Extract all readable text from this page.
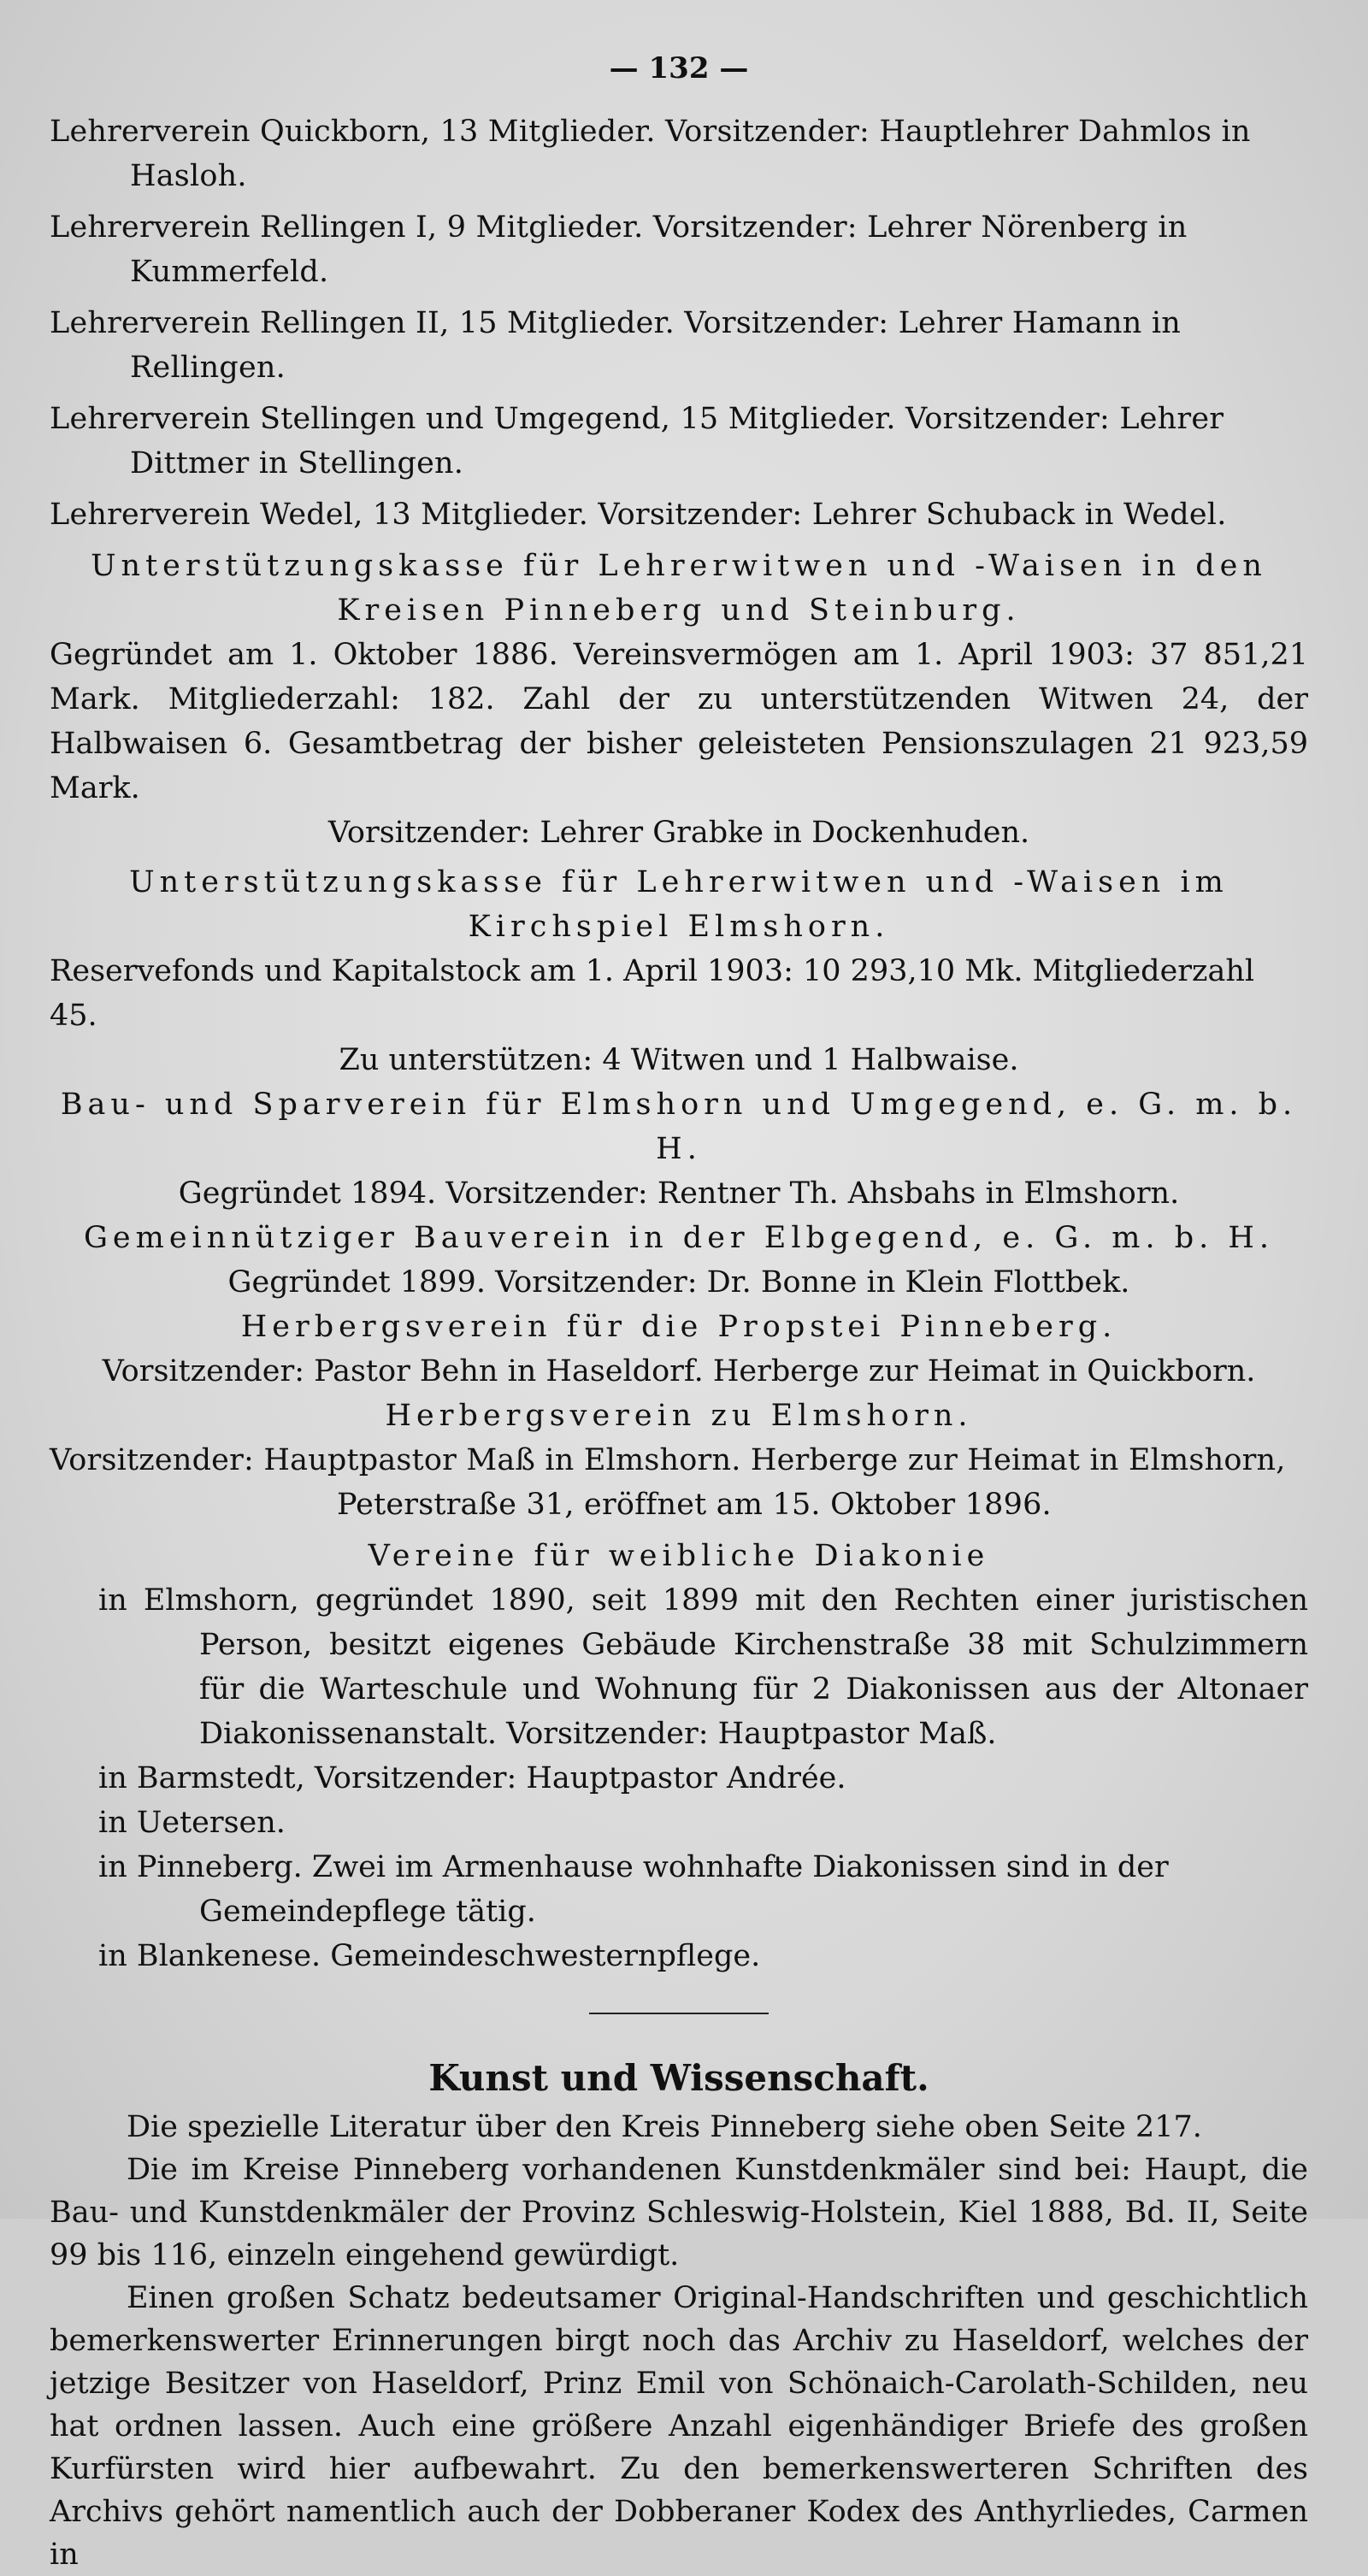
— 132 —

Lehrerverein Quickborn, 13 Mitglieder. Vorsitzender: Hauptlehrer Dahmlos in Hasloh.

Lehrerverein Rellingen I, 9 Mitglieder. Vorsitzender: Lehrer Nörenberg in Kummerfeld.

Lehrerverein Rellingen II, 15 Mitglieder. Vorsitzender: Lehrer Hamann in Rellingen.

Lehrerverein Stellingen und Umgegend, 15 Mitglieder. Vorsitzender: Lehrer Dittmer in Stellingen.

Lehrerverein Wedel, 13 Mitglieder. Vorsitzender: Lehrer Schuback in Wedel.

Unterstützungskasse für Lehrerwitwen und -Waisen in den Kreisen Pinneberg und Steinburg.

Gegründet am 1. Oktober 1886. Vereinsvermögen am 1. April 1903: 37 851,21 Mark. Mitgliederzahl: 182. Zahl der zu unterstützenden Witwen 24, der Halbwaisen 6. Gesamtbetrag der bisher geleisteten Pensionszulagen 21 923,59 Mark.

Vorsitzender: Lehrer Grabke in Dockenhuden.

Unterstützungskasse für Lehrerwitwen und -Waisen im Kirchspiel Elmshorn.

Reservefonds und Kapitalstock am 1. April 1903: 10 293,10 Mk. Mitgliederzahl 45.

Zu unterstützen: 4 Witwen und 1 Halbwaise.

Bau- und Sparverein für Elmshorn und Umgegend, e. G. m. b. H.

Gegründet 1894. Vorsitzender: Rentner Th. Ahsbahs in Elmshorn.

Gemeinnütziger Bauverein in der Elbgegend, e. G. m. b. H.

Gegründet 1899. Vorsitzender: Dr. Bonne in Klein Flottbek.

Herbergsverein für die Propstei Pinneberg.

Vorsitzender: Pastor Behn in Haseldorf. Herberge zur Heimat in Quickborn.

Herbergsverein zu Elmshorn.

Vorsitzender: Hauptpastor Maß in Elmshorn. Herberge zur Heimat in Elmshorn, Peterstraße 31, eröffnet am 15. Oktober 1896.

Vereine für weibliche Diakonie

in Elmshorn, gegründet 1890, seit 1899 mit den Rechten einer juristischen Person, besitzt eigenes Gebäude Kirchenstraße 38 mit Schulzimmern für die Warteschule und Wohnung für 2 Diakonissen aus der Altonaer Diakonissenanstalt. Vorsitzender: Hauptpastor Maß.

in Barmstedt, Vorsitzender: Hauptpastor Andrée.

in Uetersen.

in Pinneberg. Zwei im Armenhause wohnhafte Diakonissen sind in der Gemeindepflege tätig.

in Blankenese. Gemeindeschwesternpflege.

Kunst und Wissenschaft.

Die spezielle Literatur über den Kreis Pinneberg siehe oben Seite 217.

Die im Kreise Pinneberg vorhandenen Kunstdenkmäler sind bei: Haupt, die Bau- und Kunstdenkmäler der Provinz Schleswig-Holstein, Kiel 1888, Bd. II, Seite 99 bis 116, einzeln eingehend gewürdigt.

Einen großen Schatz bedeutsamer Original-Handschriften und geschichtlich bemerkenswerter Erinnerungen birgt noch das Archiv zu Haseldorf, welches der jetzige Besitzer von Haseldorf, Prinz Emil von Schönaich-Carolath-Schilden, neu hat ordnen lassen. Auch eine größere Anzahl eigenhändiger Briefe des großen Kurfürsten wird hier aufbewahrt. Zu den bemerkenswerteren Schriften des Archivs gehört namentlich auch der Dobberaner Kodex des Anthyrliedes, Carmen in
